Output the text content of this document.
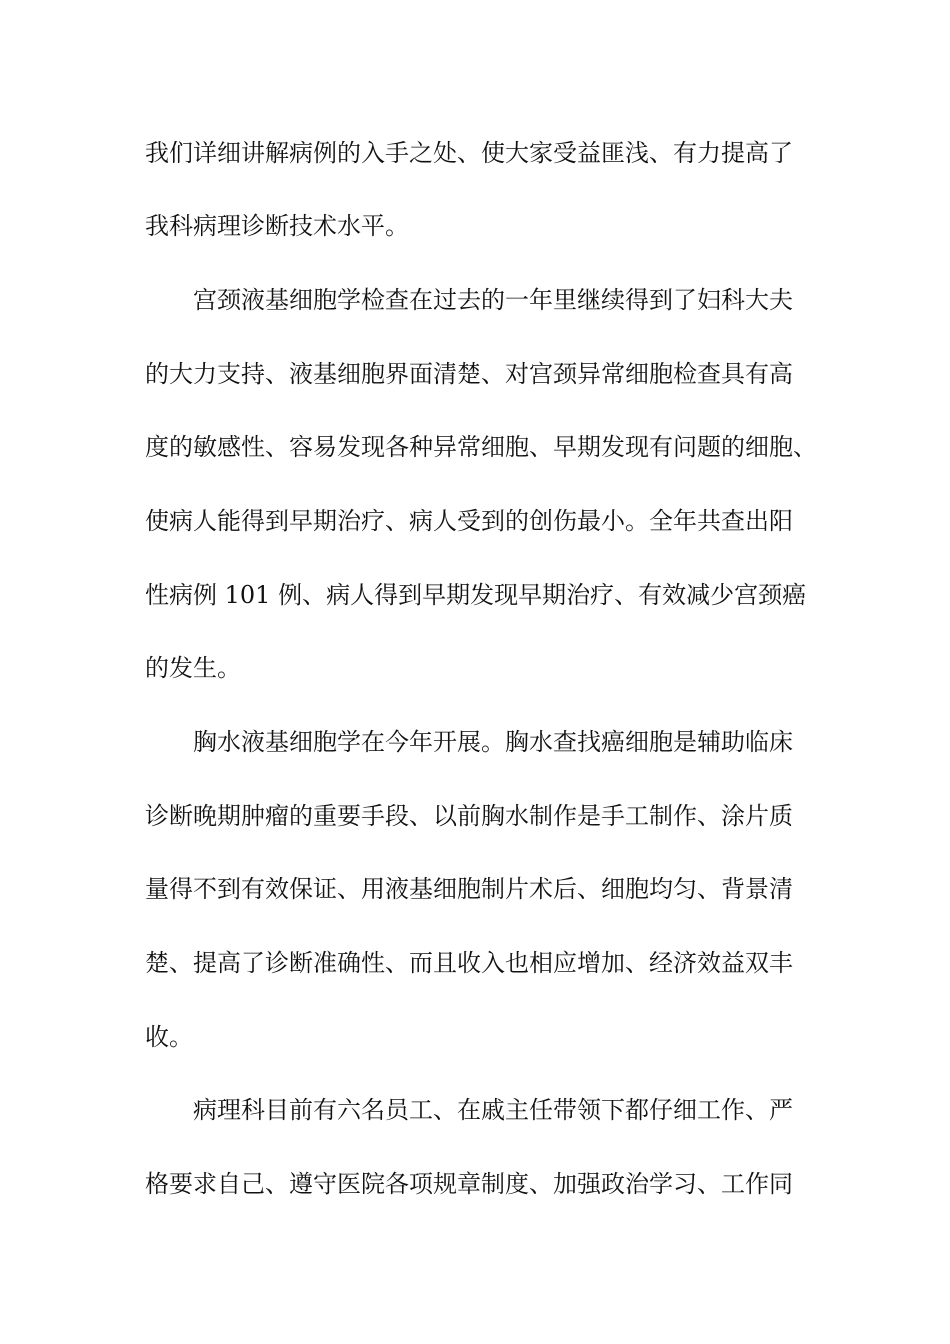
我们详细讲解病例的入手之处、使大家受益匪浅、有力提高了

我科病理诊断技术水平。

宫颈液基细胞学检查在过去的一年里继续得到了妇科大夫

的大力支持、液基细胞界面清楚、对宫颈异常细胞检查具有高

度的敏感性、容易发现各种异常细胞、早期发现有问题的细胞、

使病人能得到早期治疗、病人受到的创伤最小。全年共查出阳

性病例 101 例、病人得到早期发现早期治疗、有效减少宫颈癌

的发生。

胸水液基细胞学在今年开展。胸水查找癌细胞是辅助临床

诊断晚期肿瘤的重要手段、以前胸水制作是手工制作、涂片质

量得不到有效保证、用液基细胞制片术后、细胞均匀、背景清

楚、提高了诊断准确性、而且收入也相应增加、经济效益双丰

收。

病理科目前有六名员工、在戚主任带领下都仔细工作、严

格要求自己、遵守医院各项规章制度、加强政治学习、工作同
